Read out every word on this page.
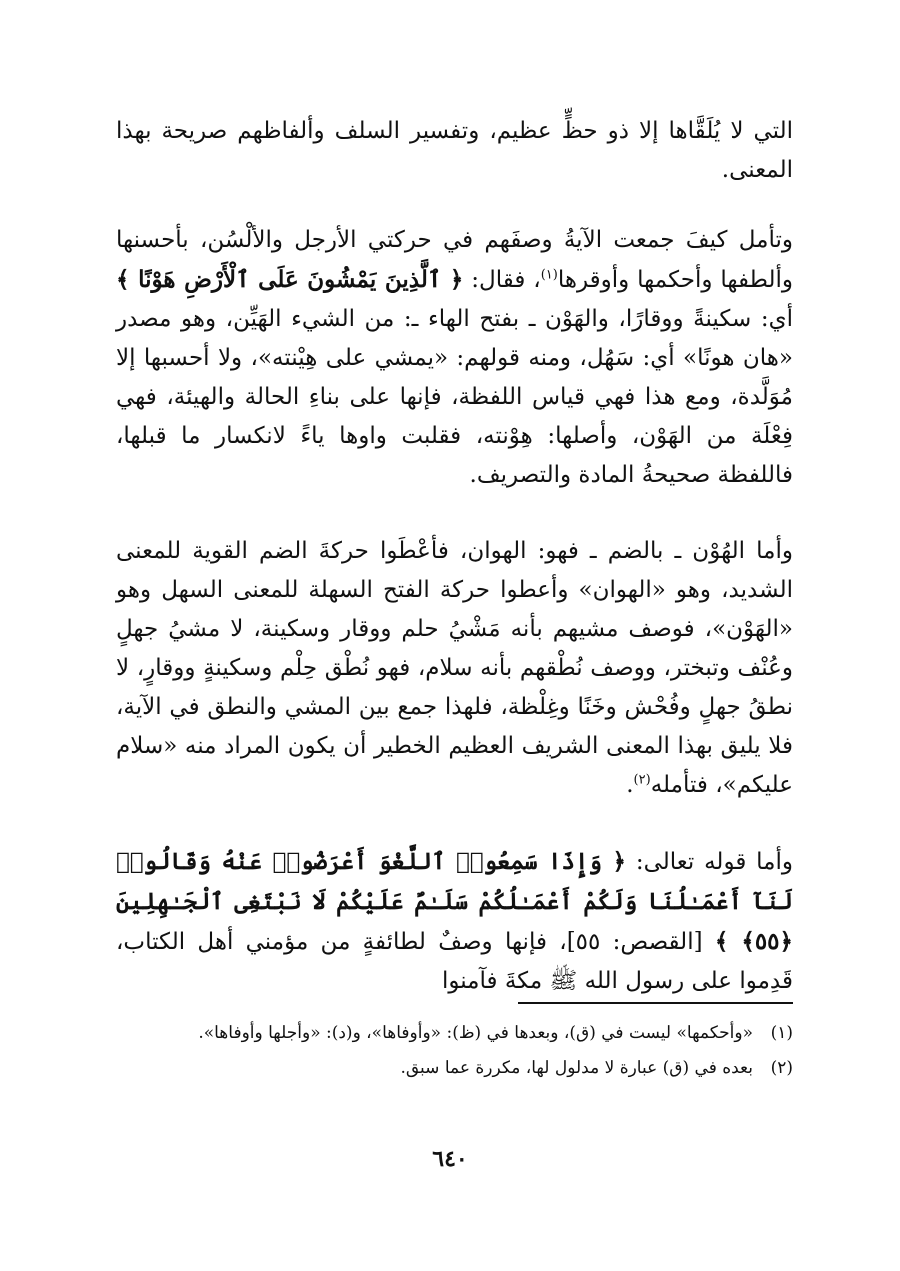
التي لا يُلَقَّاها إلا ذو حظٍّ عظيم، وتفسير السلف وألفاظهم صريحة بهذا المعنى.

وتأمل كيفَ جمعت الآيةُ وصفَهم في حركتي الأرجل والألْسُن، بأحسنها وألطفها وأحكمها وأوقرها$^{(١)}$، فقال: ﴿ ٱلَّذِينَ يَمْشُونَ عَلَى ٱلْأَرْضِ هَوْنًا ﴾ أي: سكينةً ووقارًا، والهَوْن ـ بفتح الهاء ـ: من الشيء الهَيِّن، وهو مصدر «هان هونًا» أي: سَهُل، ومنه قولهم: «يمشي على هِيْنته»، ولا أحسبها إلا مُوَلَّدة، ومع هذا فهي قياس اللفظة، فإنها على بناءِ الحالة والهيئة، فهي فِعْلَة من الهَوْن، وأصلها: هِوْنته، فقلبت واوها ياءً لانكسار ما قبلها، فاللفظة صحيحةُ المادة والتصريف.

وأما الهُوْن ـ بالضم ـ فهو: الهوان، فأعْطَوا حركةَ الضم القوية للمعنى الشديد، وهو «الهوان» وأعطوا حركة الفتح السهلة للمعنى السهل وهو «الهَوْن»، فوصف مشيهم بأنه مَشْيُ حلم ووقار وسكينة، لا مشيُ جهلٍ وعُنْف وتبختر، ووصف نُطْقهم بأنه سلام، فهو نُطْق حِلْم وسكينةٍ ووقارٍ، لا نطقُ جهلٍ وفُحْش وخَنًا وغِلْظة، فلهذا جمع بين المشي والنطق في الآية، فلا يليق بهذا المعنى الشريف العظيم الخطير أن يكون المراد منه «سلام عليكم»، فتأمله$^{(٢)}$.

وأما قوله تعالى: ﴿ وَإِذَا سَمِعُوا۟ ٱللَّغْوَ أَعْرَضُوا۟ عَنْهُ وَقَالُوا۟ لَنَآ أَعْمَـٰلُنَا وَلَكُمْ أَعْمَـٰلُكُمْ سَلَـٰمٌ عَلَيْكُمْ لَا نَبْتَغِى ٱلْجَـٰهِلِينَ ﴿٥٥﴾ ﴾ [القصص: ٥٥]، فإنها وصفٌ لطائفةٍ من مؤمني أهل الكتاب، قَدِموا على رسول الله ﷺ مكةَ فآمنوا

(١)
«وأحكمها» ليست في (ق)، وبعدها في (ظ): «وأوفاها»، و(د): «وأجلها وأوفاها».
(٢)
بعده في (ق) عبارة لا مدلول لها، مكررة عما سبق.
٦٤٠
